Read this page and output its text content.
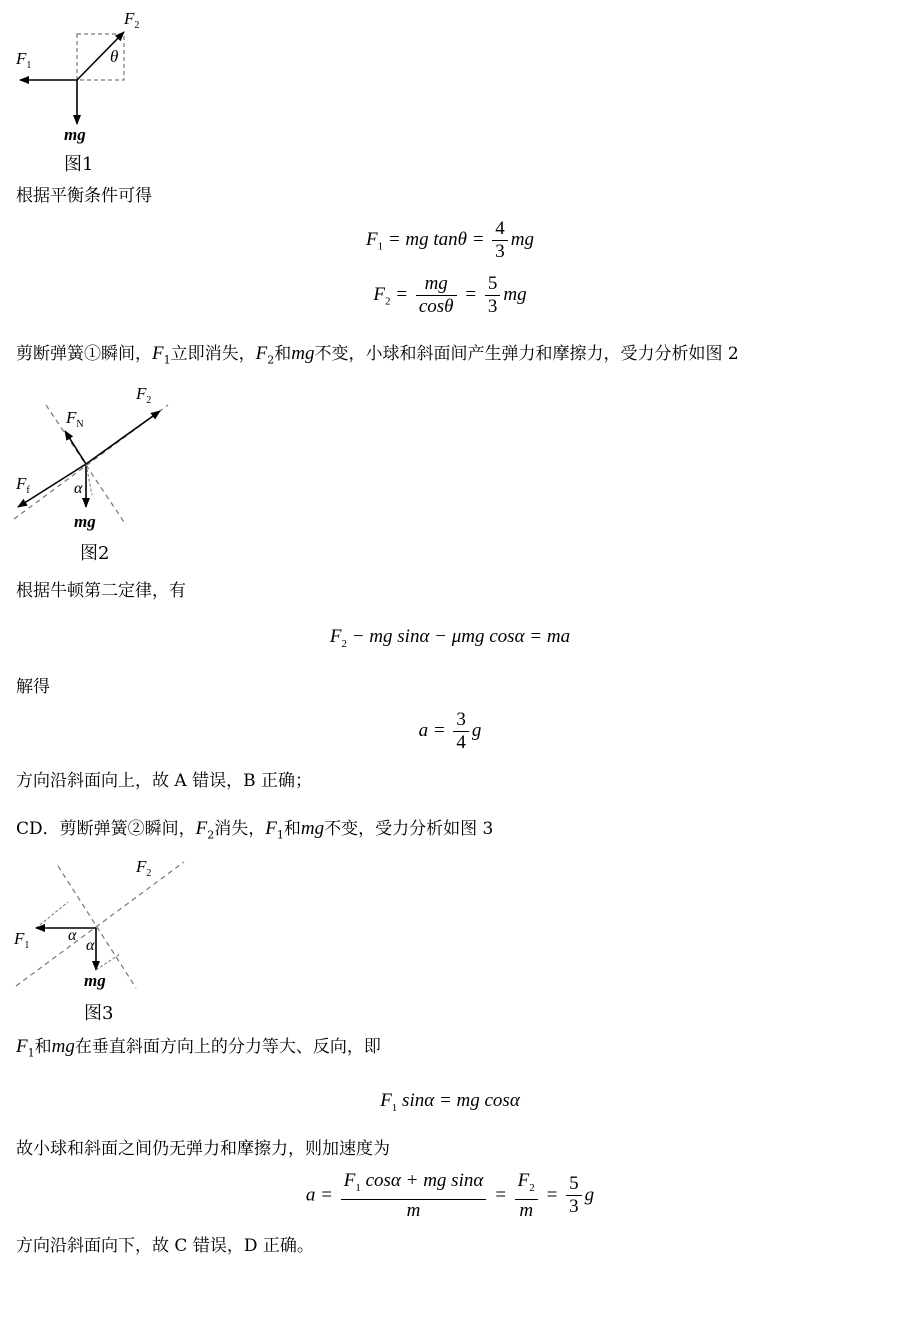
$F_1$
$F_2$
θ
mg
图1
根据平衡条件可得
$F_1$ = mg $\tan\theta = \frac{4}{3}$ mg
$F_2 = \frac{mg}{\cos\theta} = \frac{5}{3}$ mg
剪断弹簧①瞬间，$F_1$立即消失，$F_2$和mg不变，小球和斜面间产生弹力和摩擦力，受力分析如图 2
$F_2$
$F_N$
$F_f$	α
mg
图2
根据牛顿第二定律，有
$F_2$ − mg sinα − μmg cosα = ma
解得
$a = \frac{3}{4}$ g
方向沿斜面向上，故 A 错误，B 正确；
CD．剪断弹簧②瞬间，$F_2$消失，$F_1$和mg不变，受力分析如图 3
$F_2$
$F_1$
α
α
mg
图3
$F_1$和mg在垂直斜面方向上的分力等大、反向，即
$F_1$ sinα = mg cosα
故小球和斜面之间仍无弹力和摩擦力，则加速度为
$a = \frac{F_1 \cos\alpha + mg \sin\alpha}{m} = \frac{F_2}{m} = \frac{5}{3}$ g
方向沿斜面向下，故 C 错误，D 正确。
